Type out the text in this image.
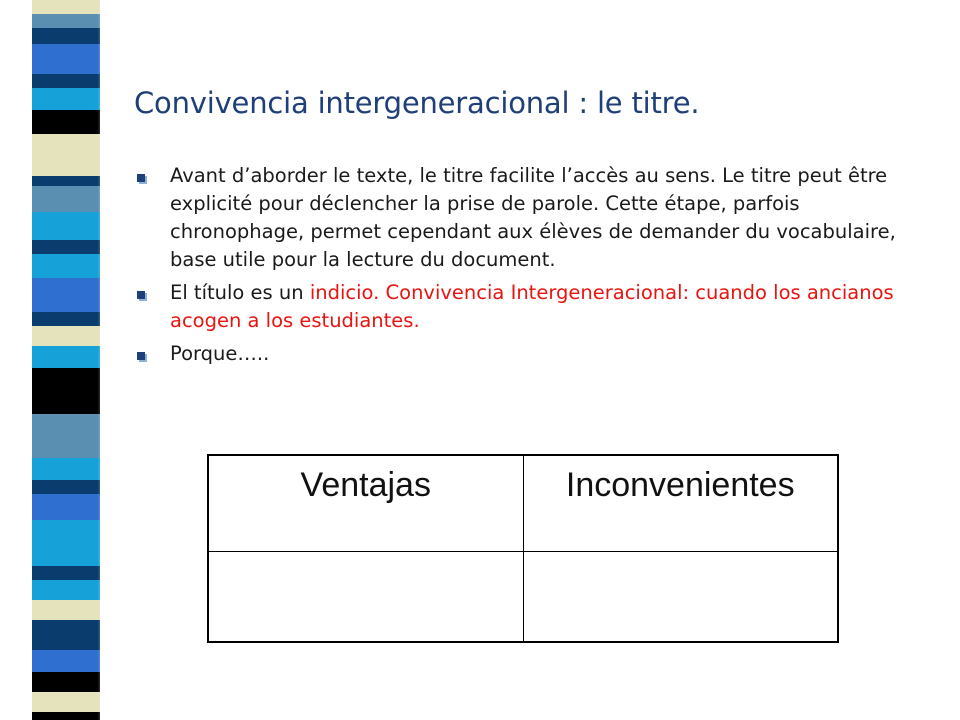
Convivencia intergeneracional : le titre.
Avant d’aborder le texte, le titre facilite l’accès au sens. Le titre peut être explicité pour déclencher la prise de parole. Cette étape, parfois chronophage, permet cependant aux élèves de demander du vocabulaire, base utile pour la lecture du document.
El título es un indicio. Convivencia Intergeneracional: cuando los ancianos acogen a los estudiantes.
Porque…..
Ventajas	Inconvenientes
